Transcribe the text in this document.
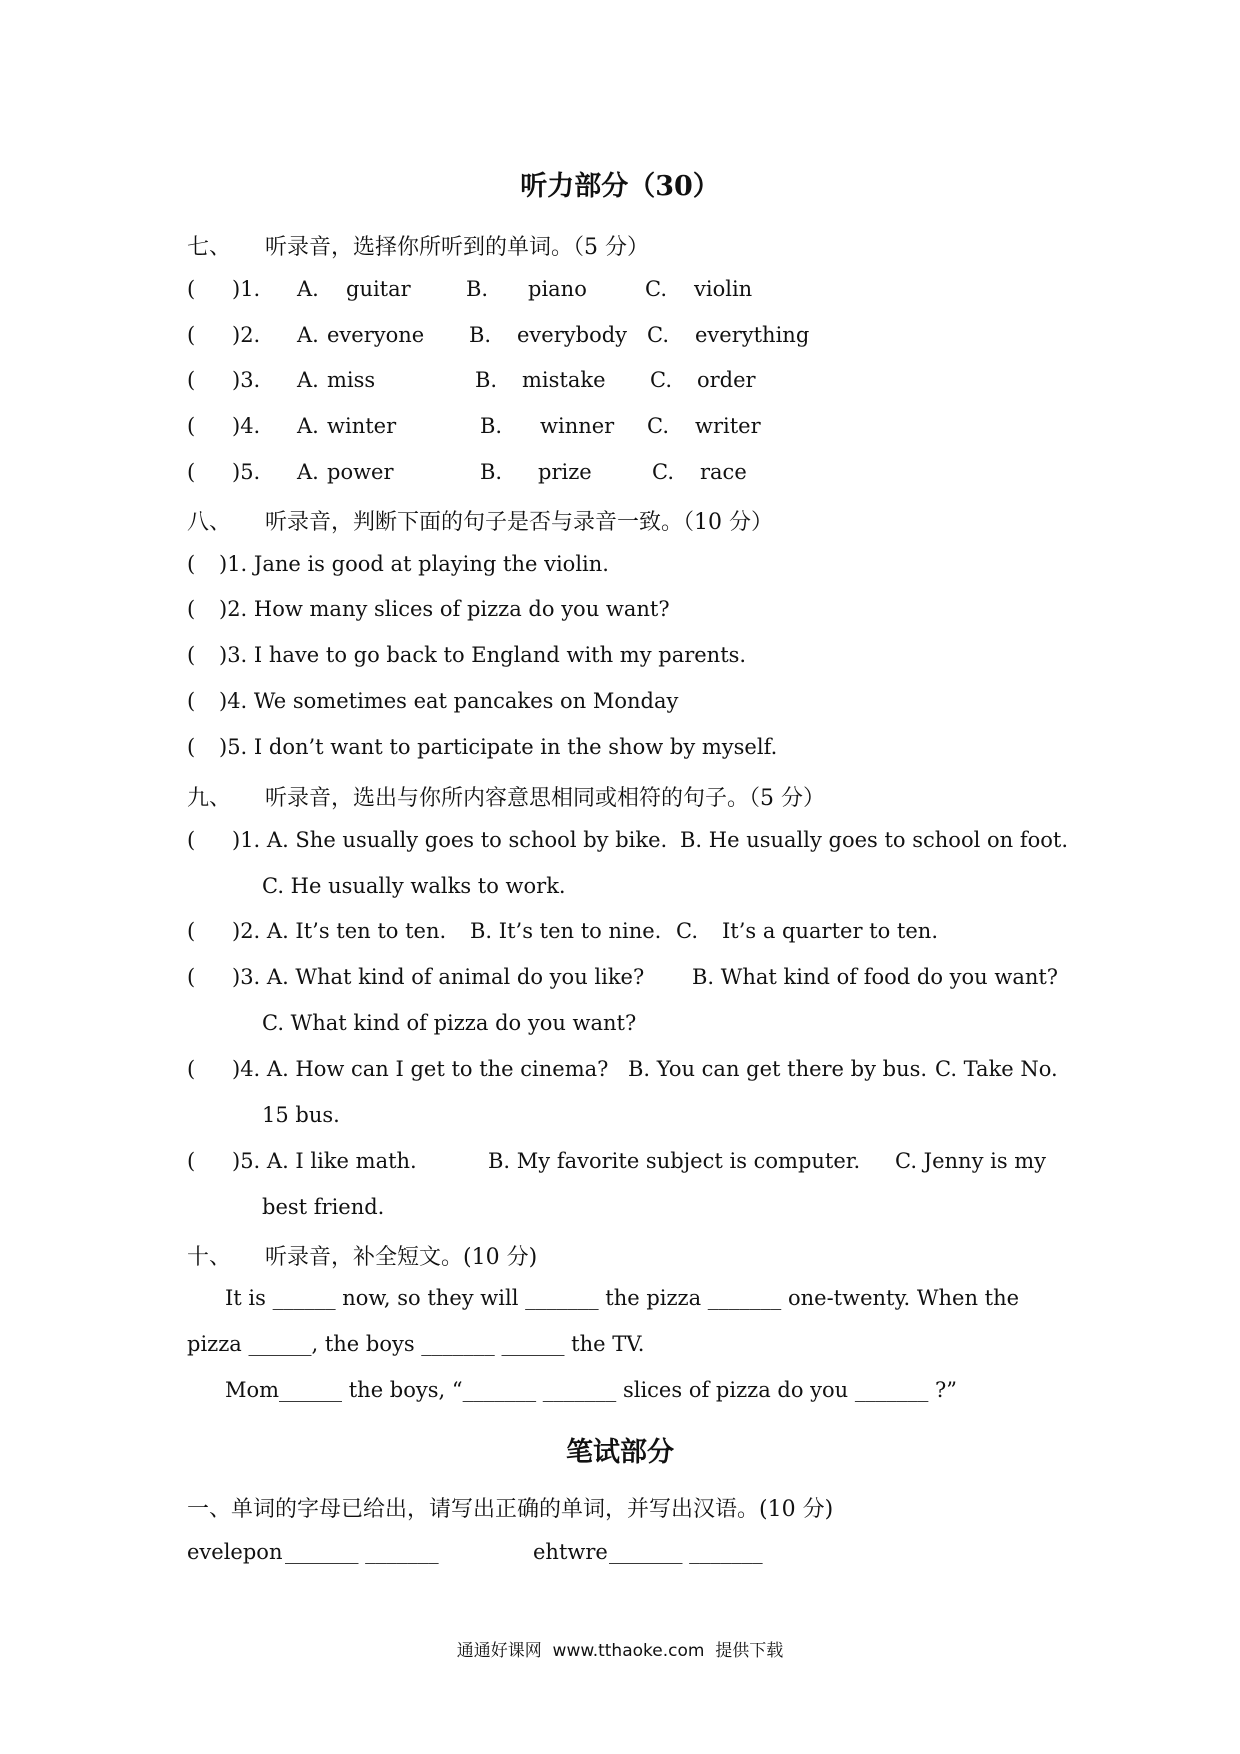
听力部分（30）
七、 听录音，选择你所听到的单词。（5 分）
( )1. A. guitar	B. piano	C. violin
( )2. A. everyone B. everybody C. everything
( )3. A. miss	B. mistake C. order
( )4. A. winter	B. winner C. writer
( )5. A. power	B. prize	C. race
八、 听录音，判断下面的句子是否与录音一致。（10 分）
( )1. Jane is good at playing the violin.
( )2. How many slices of pizza do you want?
( )3. I have to go back to England with my parents.
( )4. We sometimes eat pancakes on Monday
( )5. I don’t want to participate in the show by myself.
九、 听录音，选出与你所内容意思相同或相符的句子。（5 分）
( )1. A. She usually goes to school by bike. B. He usually goes to school on foot.
C. He usually walks to work.
( )2. A. It’s ten to ten. B. It’s ten to nine. C. It’s a quarter to ten.
( )3. A. What kind of animal do you like? B. What kind of food do you want?
C. What kind of pizza do you want?
( )4. A. How can I get to the cinema? B. You can get there by bus. C. Take No.
15 bus.
( )5. A. I like math.	B. My favorite subject is computer. C. Jenny is my
best friend.
十、 听录音，补全短文。(10 分)
It is ______ now, so they will _______ the pizza _______ one-twenty. When the
pizza ______, the boys _______ ______ the TV.
Mom______ the boys, “_______ _______ slices of pizza do you _______ ?”
笔试部分
一、单词的字母已给出，请写出正确的单词，并写出汉语。(10 分)
evelepon _______ _______	ehtwre _______ _______
通通好课网 www.tthaoke.com 提供下载
